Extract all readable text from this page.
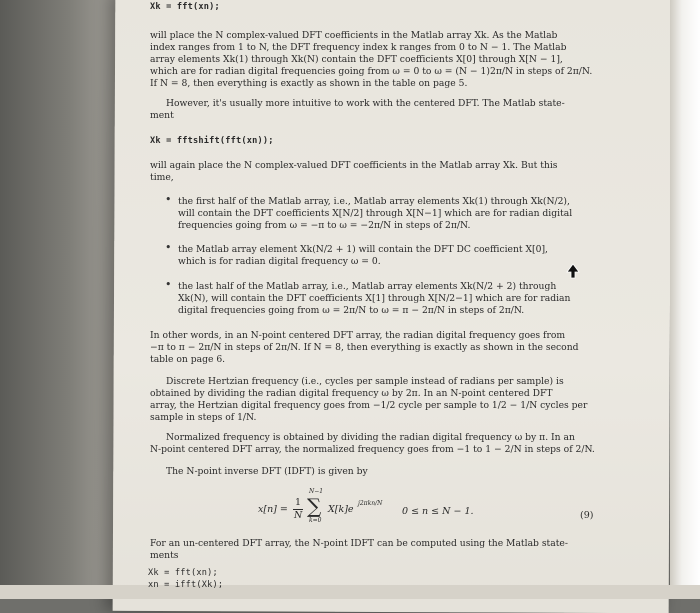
Xk = fft(xn);
will place the N complex-valued DFT coefficients in the Matlab array Xk. As the Matlab
index ranges from 1 to N, the DFT frequency index k ranges from 0 to N − 1. The Matlab
array elements Xk(1) through Xk(N) contain the DFT coefficients X[0] through X[N − 1],
which are for radian digital frequencies going from ω = 0 to ω = (N − 1)2π/N in steps of 2π/N.
If N = 8, then everything is exactly as shown in the table on page 5.
However, it's usually more intuitive to work with the centered DFT. The Matlab state-
ment
Xk = fftshift(fft(xn));
will again place the N complex-valued DFT coefficients in the Matlab array Xk. But this
time,
• the first half of the Matlab array, i.e., Matlab array elements Xk(1) through Xk(N/2),
will contain the DFT coefficients X[N/2] through X[N−1] which are for radian digital
frequencies going from ω = −π to ω = −2π/N in steps of 2π/N.
• the Matlab array element Xk(N/2 + 1) will contain the DFT DC coefficient X[0],
which is for radian digital frequency ω = 0.
• the last half of the Matlab array, i.e., Matlab array elements Xk(N/2 + 2) through
Xk(N), will contain the DFT coefficients X[1] through X[N/2−1] which are for radian
digital frequencies going from ω = 2π/N to ω = π − 2π/N in steps of 2π/N.
In other words, in an N-point centered DFT array, the radian digital frequency goes from
−π to π − 2π/N in steps of 2π/N. If N = 8, then everything is exactly as shown in the second
table on page 6.
Discrete Hertzian frequency (i.e., cycles per sample instead of radians per sample) is
obtained by dividing the radian digital frequency ω by 2π. In an N-point centered DFT
array, the Hertzian digital frequency goes from −1/2 cycle per sample to 1/2 − 1/N cycles per
sample in steps of 1/N.
Normalized frequency is obtained by dividing the radian digital frequency ω by π. In an
N-point centered DFT array, the normalized frequency goes from −1 to 1 − 2/N in steps of 2/N.
The N-point inverse DFT (IDFT) is given by
x[n] =
1
N
N−1
∑
k=0
X[k]e
j2πkn/N
0 ≤ n ≤ N − 1.	(9)
For an un-centered DFT array, the N-point IDFT can be computed using the Matlab state-
ments
Xk = fft(xn);
xn = ifft(Xk);
